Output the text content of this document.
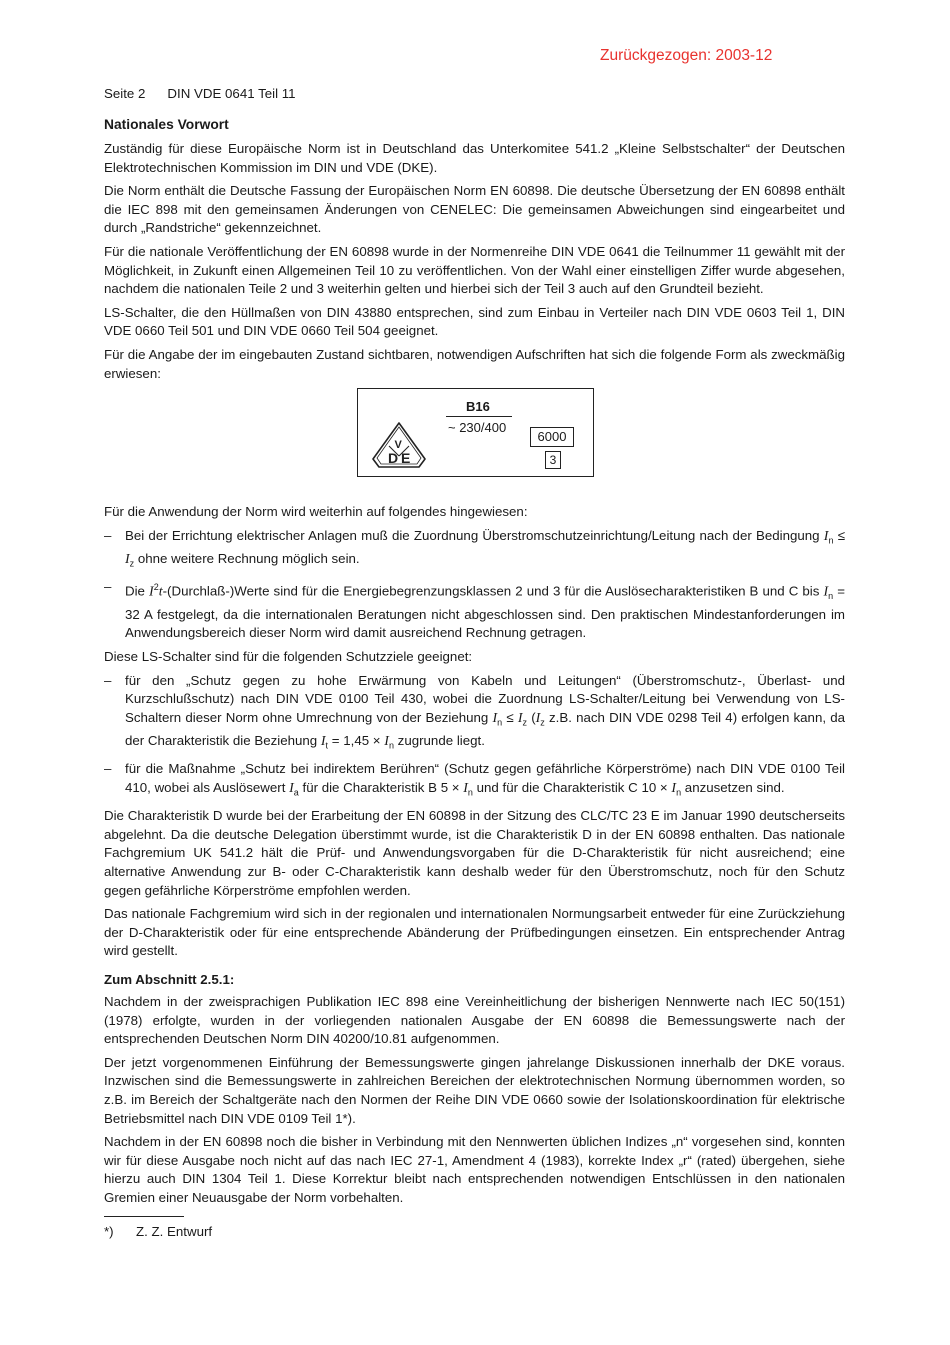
Zurückgezogen: 2003-12
Seite 2 DIN VDE 0641 Teil 11
Nationales Vorwort

Zuständig für diese Europäische Norm ist in Deutschland das Unterkomitee 541.2 „Kleine Selbstschalter“ der Deutschen Elektrotechnischen Kommission im DIN und VDE (DKE).

Die Norm enthält die Deutsche Fassung der Europäischen Norm EN 60898. Die deutsche Übersetzung der EN 60898 enthält die IEC 898 mit den gemeinsamen Änderungen von CENELEC: Die gemeinsamen Abweichungen sind eingearbeitet und durch „Randstriche“ gekennzeichnet.

Für die nationale Veröffentlichung der EN 60898 wurde in der Normenreihe DIN VDE 0641 die Teilnummer 11 gewählt mit der Möglichkeit, in Zukunft einen Allgemeinen Teil 10 zu veröffentlichen. Von der Wahl einer einstelligen Ziffer wurde abgesehen, nachdem die nationalen Teile 2 und 3 weiterhin gelten und hierbei sich der Teil 3 auch auf den Grundteil bezieht.

LS-Schalter, die den Hüllmaßen von DIN 43880 entsprechen, sind zum Einbau in Verteiler nach DIN VDE 0603 Teil 1, DIN VDE 0660 Teil 501 und DIN VDE 0660 Teil 504 geeignet.

Für die Angabe der im eingebauten Zustand sichtbaren, notwendigen Aufschriften hat sich die folgende Form als zweckmäßig erwiesen:

D
V
E
B16
~ 230/400
6000
3

Für die Anwendung der Norm wird weiterhin auf folgendes hingewiesen:

–	Bei der Errichtung elektrischer Anlagen muß die Zuordnung Überstromschutzeinrichtung/Leitung nach der Bedingung $I_n \le I_z$ ohne weitere Rechnung möglich sein.
–	Die $I^2t-(Durchlaß-)Werte$ sind für die Energiebegrenzungsklassen 2 und 3 für die Auslösecharakteristiken B und C bis $I_n = 32$ A festgelegt, da die internationalen Beratungen nicht abgeschlossen sind. Den praktischen Mindestanforderungen im Anwendungsbereich dieser Norm wird damit ausreichend Rechnung getragen.

Diese LS-Schalter sind für die folgenden Schutzziele geeignet:

–	für den „Schutz gegen zu hohe Erwärmung von Kabeln und Leitungen“ (Überstromschutz-, Überlast- und Kurzschlußschutz) nach DIN VDE 0100 Teil 430, wobei die Zuordnung LS-Schalter/Leitung bei Verwendung von LS-Schaltern dieser Norm ohne Umrechnung von der Beziehung $I_n \le I_z$ ($I_z$ z.B. nach DIN VDE 0298 Teil 4) erfolgen kann, da der Charakteristik die Beziehung $I_t = 1,45 \times I_n$ zugrunde liegt.
–	für die Maßnahme „Schutz bei indirektem Berühren“ (Schutz gegen gefährliche Körperströme) nach DIN VDE 0100 Teil 410, wobei als Auslösewert $I_a$ für die Charakteristik B $5 \times I_n$ und für die Charakteristik C $10 \times I_n$ anzusetzen sind.

Die Charakteristik D wurde bei der Erarbeitung der EN 60898 in der Sitzung des CLC/TC 23 E im Januar 1990 deutscherseits abgelehnt. Da die deutsche Delegation überstimmt wurde, ist die Charakteristik D in der EN 60898 enthalten. Das nationale Fachgremium UK 541.2 hält die Prüf- und Anwendungsvorgaben für die D-Charakteristik für nicht ausreichend; eine alternative Anwendung zur B- oder C-Charakteristik kann deshalb weder für den Überstromschutz, noch für den Schutz gegen gefährliche Körperströme empfohlen werden.

Das nationale Fachgremium wird sich in der regionalen und internationalen Normungsarbeit entweder für eine Zurückziehung der D-Charakteristik oder für eine entsprechende Abänderung der Prüfbedingungen einsetzen. Ein entsprechender Antrag wird gestellt.

Zum Abschnitt 2.5.1:

Nachdem in der zweisprachigen Publikation IEC 898 eine Vereinheitlichung der bisherigen Nennwerte nach IEC 50(151) (1978) erfolgte, wurden in der vorliegenden nationalen Ausgabe der EN 60898 die Bemessungswerte nach der entsprechenden Deutschen Norm DIN 40200/10.81 aufgenommen.

Der jetzt vorgenommenen Einführung der Bemessungswerte gingen jahrelange Diskussionen innerhalb der DKE voraus. Inzwischen sind die Bemessungswerte in zahlreichen Bereichen der elektrotechnischen Normung übernommen worden, so z.B. im Bereich der Schaltgeräte nach den Normen der Reihe DIN VDE 0660 sowie der Isolationskoordination für elektrische Betriebsmittel nach DIN VDE 0109 Teil 1*).

Nachdem in der EN 60898 noch die bisher in Verbindung mit den Nennwerten üblichen Indizes „n“ vorgesehen sind, konnten wir für diese Ausgabe noch nicht auf das nach IEC 27-1, Amendment 4 (1983), korrekte Index „r“ (rated) übergehen, siehe hierzu auch DIN 1304 Teil 1. Diese Korrektur bleibt nach entsprechenden notwendigen Entschlüssen in den nationalen Gremien einer Neuausgabe der Norm vorbehalten.

*)	Z. Z. Entwurf
